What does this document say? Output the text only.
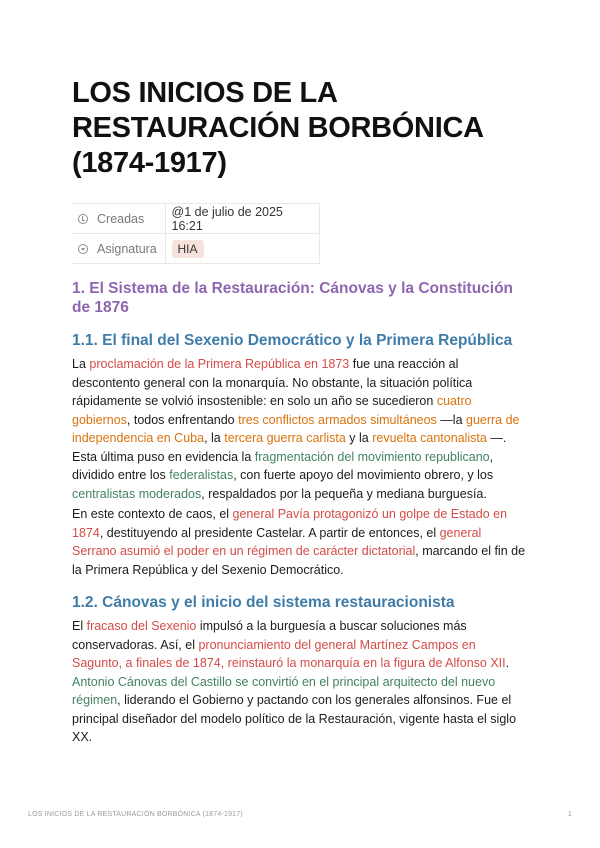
LOS INICIOS DE LA RESTAURACIÓN BORBÓNICA (1874-1917)
Creadas	@1 de julio de 2025 16:21
Asignatura	HIA
1. El Sistema de la Restauración: Cánovas y la Constitución de 1876
1.1. El final del Sexenio Democrático y la Primera República

La proclamación de la Primera República en 1873 fue una reacción al descontento general con la monarquía. No obstante, la situación política rápidamente se volvió insostenible: en solo un año se sucedieron cuatro gobiernos, todos enfrentando tres conflictos armados simultáneos —la guerra de independencia en Cuba, la tercera guerra carlista y la revuelta cantonalista —. Esta última puso en evidencia la fragmentación del movimiento republicano, dividido entre los federalistas, con fuerte apoyo del movimiento obrero, y los centralistas moderados, respaldados por la pequeña y mediana burguesía.

En este contexto de caos, el general Pavía protagonizó un golpe de Estado en 1874, destituyendo al presidente Castelar. A partir de entonces, el general Serrano asumió el poder en un régimen de carácter dictatorial, marcando el fin de la Primera República y del Sexenio Democrático.

1.2. Cánovas y el inicio del sistema restauracionista

El fracaso del Sexenio impulsó a la burguesía a buscar soluciones más conservadoras. Así, el pronunciamiento del general Martínez Campos en Sagunto, a finales de 1874, reinstauró la monarquía en la figura de Alfonso XII. Antonio Cánovas del Castillo se convirtió en el principal arquitecto del nuevo régimen, liderando el Gobierno y pactando con los generales alfonsinos. Fue el principal diseñador del modelo político de la Restauración, vigente hasta el siglo XX.

LOS INICIOS DE LA RESTAURACIÓN BORBÓNICA (1874-1917)	1
